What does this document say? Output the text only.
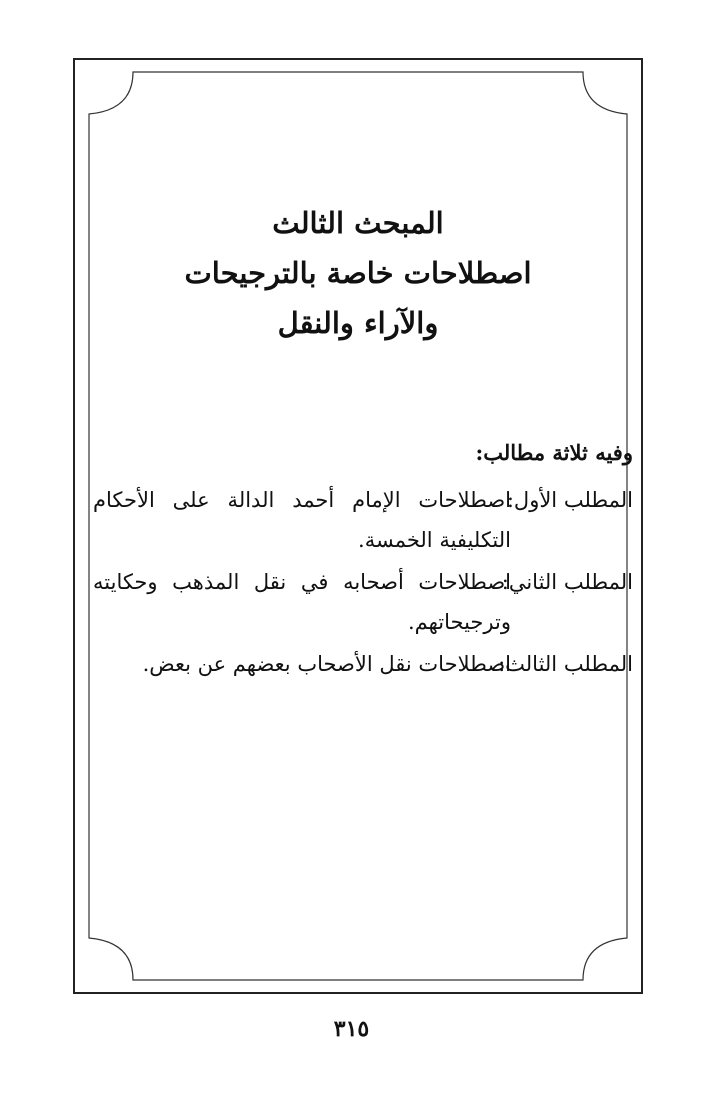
المبحث الثالث
اصطلاحات خاصة بالترجيحات
والآراء والنقل
وفيه ثلاثة مطالب:
المطلب الأول:
اصطلاحات الإمام أحمد الدالة على الأحكام التكليفية الخمسة.
المطلب الثاني:
اصطلاحات أصحابه في نقل المذهب وحكايته وترجيحاتهم.
المطلب الثالث:
اصطلاحات نقل الأصحاب بعضهم عن بعض.
٣١٥
